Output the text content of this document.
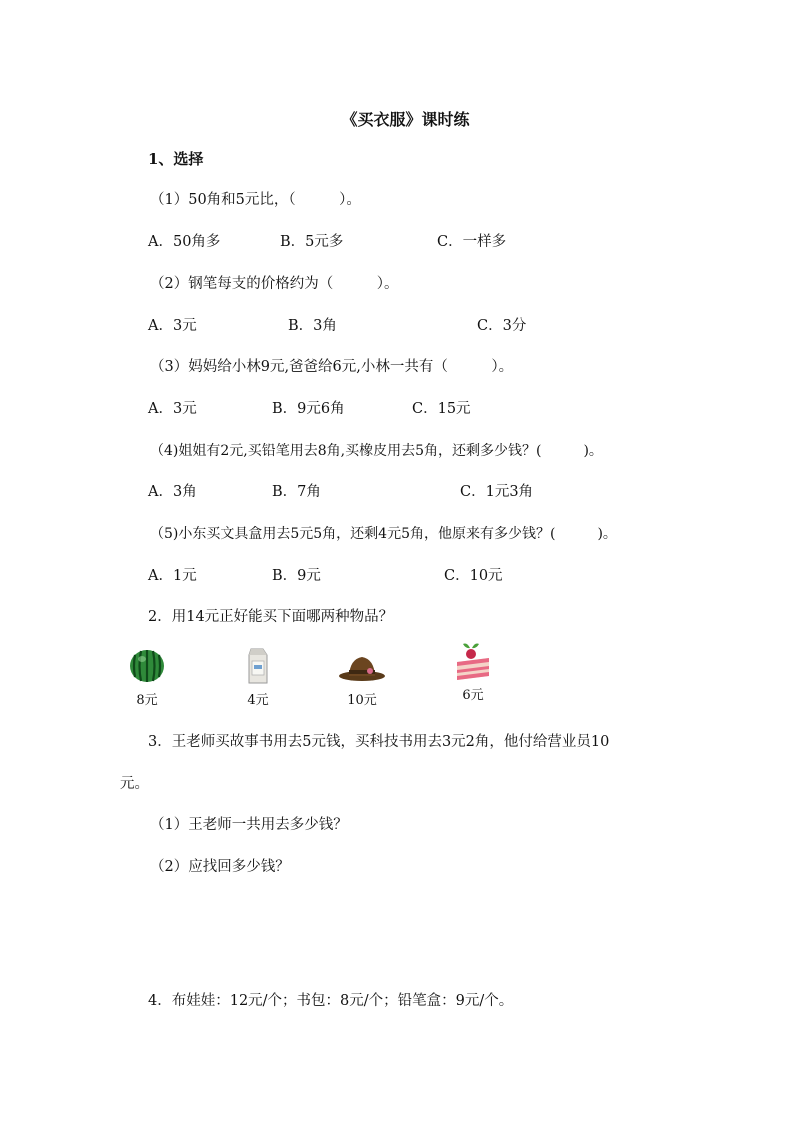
《买衣服》课时练
1、选择
（1）50角和5元比，（　　　）。
A．50角多	B．5元多	C．一样多
（2）钢笔每支的价格约为（　　　）。
A．3元	B．3角	C．3分
（3）妈妈给小林9元,爸爸给6元,小林一共有（　　　）。
A．3元	B．9元6角	C．15元
（4)姐姐有2元,买铅笔用去8角,买橡皮用去5角，还剩多少钱？(　　　)。
A．3角	B．7角	C．1元3角
（5)小东买文具盒用去5元5角，还剩4元5角，他原来有多少钱？(　　　)。
A．1元	B．9元	C．10元
2．用14元正好能买下面哪两种物品？
8元	4元	10元	6元
3．王老师买故事书用去5元钱，买科技书用去3元2角，他付给营业员10
元。
（1）王老师一共用去多少钱？
（2）应找回多少钱？
4．布娃娃：12元/个；书包：8元/个；铅笔盒：9元/个。
